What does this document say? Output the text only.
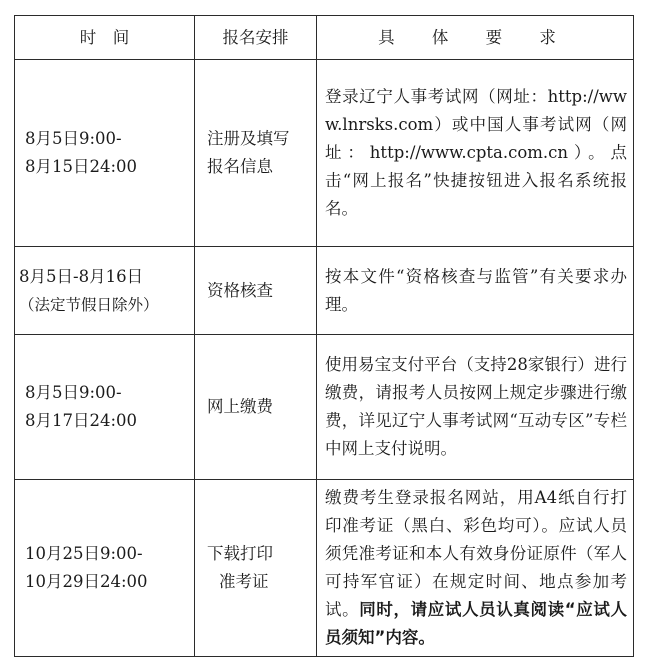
时　间	报名安排	具 体 要 求

8月5日9:00-
8月15日24:00	注册及填写
报名信息	登录辽宁人事考试网（网址：http://www.lnrsks.com）或中国人事考试网（网址：http://www.cpta.com.cn）。点击“网上报名”快捷按钮进入报名系统报名。

8月5日-8月16日
（法定节假日除外）	资格核查	按本文件“资格核查与监管”有关要求办理。

8月5日9:00-
8月17日24:00	网上缴费	使用易宝支付平台（支持28家银行）进行缴费，请报考人员按网上规定步骤进行缴费，详见辽宁人事考试网“互动专区”专栏中网上支付说明。

10月25日9:00-
10月29日24:00	下载打印
准考证	缴费考生登录报名网站，用A4纸自行打印准考证（黑白、彩色均可）。应试人员须凭准考证和本人有效身份证原件（军人可持军官证）在规定时间、地点参加考试。同时，请应试人员认真阅读“应试人员须知”内容。
